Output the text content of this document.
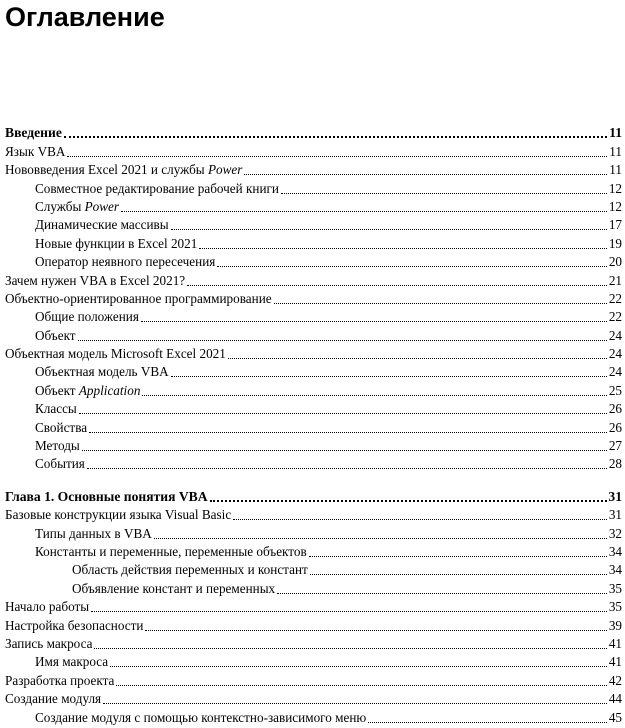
Оглавление
Введение	11
Язык VBA	11
Нововведения Excel 2021 и службы Power	11
Совместное редактирование рабочей книги	12
Службы Power	12
Динамические массивы	17
Новые функции в Excel 2021	19
Оператор неявного пересечения	20
Зачем нужен VBA в Excel 2021?	21
Объектно-ориентированное программирование	22
Общие положения	22
Объект	24
Объектная модель Microsoft Excel 2021	24
Объектная модель VBA	24
Объект Application	25
Классы	26
Свойства	26
Методы	27
События	28
Глава 1. Основные понятия VBA	31
Базовые конструкции языка Visual Basic	31
Типы данных в VBA	32
Константы и переменные, переменные объектов	34
Область действия переменных и констант	34
Объявление констант и переменных	35
Начало работы	35
Настройка безопасности	39
Запись макроса	41
Имя макроса	41
Разработка проекта	42
Создание модуля	44
Создание модуля с помощью контекстно-зависимого меню	45
